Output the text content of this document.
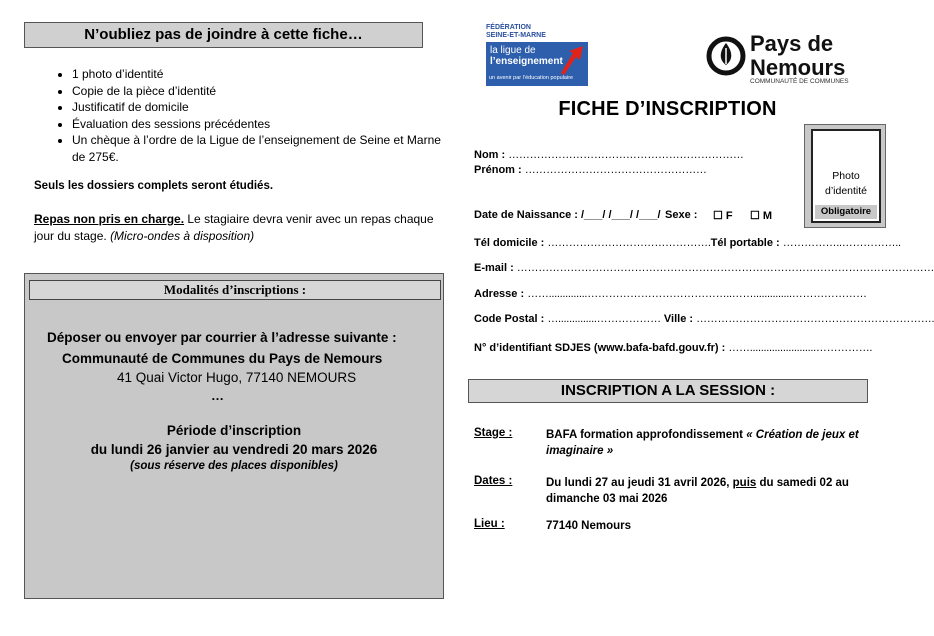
N’oubliez pas de joindre à cette fiche…
• 1 photo d’identité
• Copie de la pièce d’identité
• Justificatif de domicile
• Évaluation des sessions précédentes
• Un chèque à l’ordre de la Ligue de l’enseignement de Seine et Marne de 275€.
Seuls les dossiers complets seront étudiés.
Repas non pris en charge. Le stagiaire devra venir avec un repas chaque jour du stage. (Micro-ondes à disposition)
Modalités d’inscriptions :
Déposer ou envoyer par courrier à l’adresse suivante :
Communauté de Communes du Pays de Nemours
41 Quai Victor Hugo, 77140 NEMOURS
…
Période d’inscription
du lundi 26 janvier au vendredi 20 mars 2026
(sous réserve des places disponibles)
FÉDÉRATION
SEINE-ET-MARNE
la ligue de
l’enseignement
un avenir par l’éducation populaire
Pays de
Nemours
COMMUNAUTÉ DE COMMUNES
FICHE D’INSCRIPTION
Photo
d’identité
Obligatoire
Nom : …………………………………………………………
Prénom : ……………………………………………
Date de Naissance : /___/ /___/ /___/ Sexe : ☐ F ☐ M
Tél domicile : ……………………………………….Tél portable : ……………..……………..
E-mail : ………………………………………………………………………………………………………
Adresse : ……..............…………………………………..……..............…………………
Code Postal : …..............……………… Ville : ………………………………………………………….
N° d’identifiant SDJES (www.bafa-bafd.gouv.fr) : ……........................…………….
INSCRIPTION A LA SESSION :
Stage :	BAFA formation approfondissement « Création de jeux et imaginaire »
Dates :	Du lundi 27 au jeudi 31 avril 2026, puis du samedi 02 au dimanche 03 mai 2026
Lieu :	77140 Nemours
